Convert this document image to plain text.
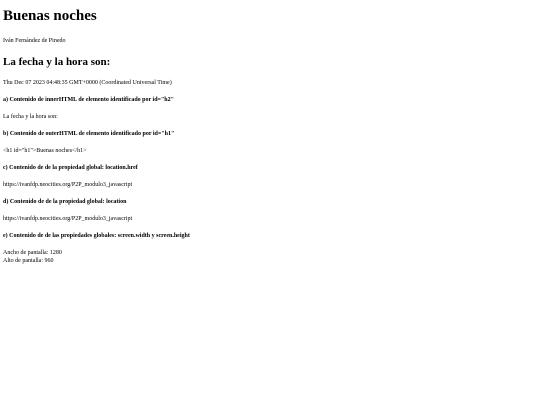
Buenas noches

Iván Fernández de Pinedo

La fecha y la hora son:

Thu Dec 07 2023 04:48:35 GMT+0000 (Coordinated Universal Time)

a) Contenido de innerHTML de elemento identificado por id="h2"

La fecha y la hora son:

b) Contenido de outerHTML de elemento identificado por id="h1"

<h1 id="h1">Buenas noches</h1>

c) Contenido de de la propiedad global: location.href

https://ivanfdp.neocities.org/P2P_modulo3_javascript

d) Contenido de de la propiedad global: location

https://ivanfdp.neocities.org/P2P_modulo3_javascript

e) Contenido de de las propiedades globales: screen.width y screen.height
Ancho de pantalla: 1280
Alto de pantalla: 960
